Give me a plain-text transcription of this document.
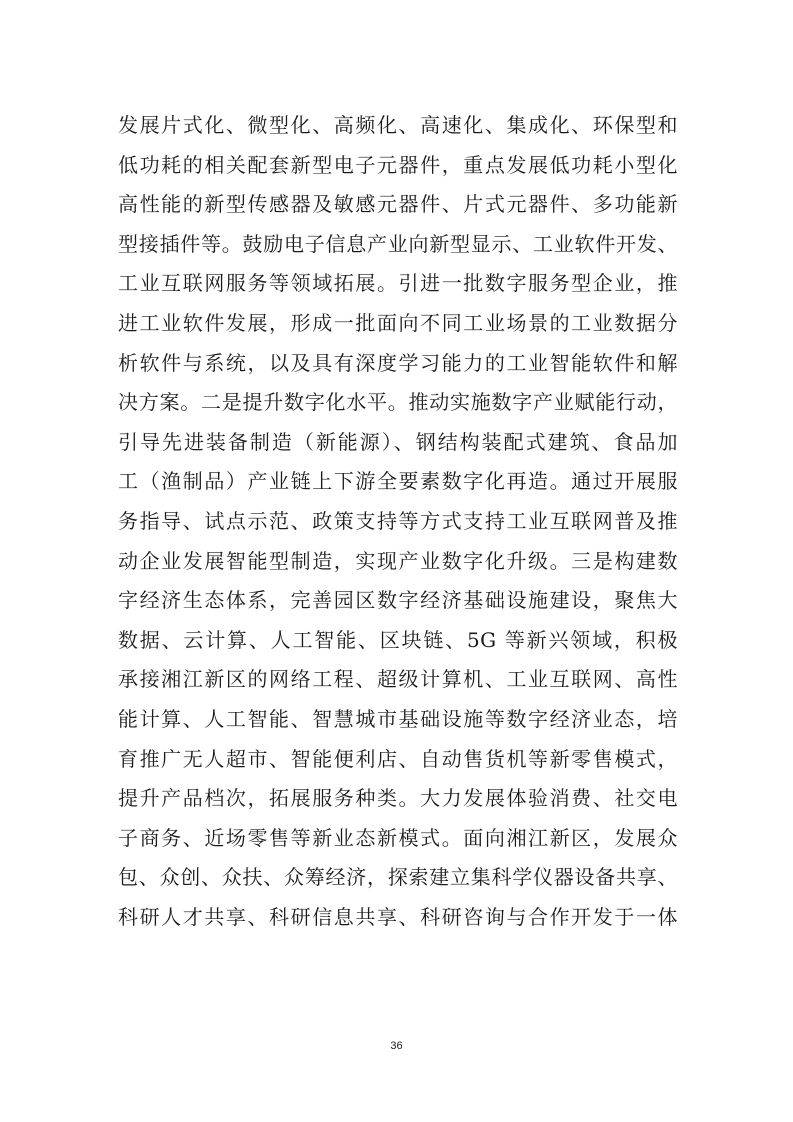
发展片式化、微型化、高频化、高速化、集成化、环保型和
低功耗的相关配套新型电子元器件，重点发展低功耗小型化
高性能的新型传感器及敏感元器件、片式元器件、多功能新
型接插件等。鼓励电子信息产业向新型显示、工业软件开发、
工业互联网服务等领域拓展。引进一批数字服务型企业，推
进工业软件发展，形成一批面向不同工业场景的工业数据分
析软件与系统，以及具有深度学习能力的工业智能软件和解
决方案。二是提升数字化水平。推动实施数字产业赋能行动，
引导先进装备制造（新能源）、钢结构装配式建筑、食品加
工（渔制品）产业链上下游全要素数字化再造。通过开展服
务指导、试点示范、政策支持等方式支持工业互联网普及推
动企业发展智能型制造，实现产业数字化升级。三是构建数
字经济生态体系，完善园区数字经济基础设施建设，聚焦大
数据、云计算、人工智能、区块链、5G 等新兴领域，积极
承接湘江新区的网络工程、超级计算机、工业互联网、高性
能计算、人工智能、智慧城市基础设施等数字经济业态，培
育推广无人超市、智能便利店、自动售货机等新零售模式，
提升产品档次，拓展服务种类。大力发展体验消费、社交电
子商务、近场零售等新业态新模式。面向湘江新区，发展众
包、众创、众扶、众筹经济，探索建立集科学仪器设备共享、
科研人才共享、科研信息共享、科研咨询与合作开发于一体
36
